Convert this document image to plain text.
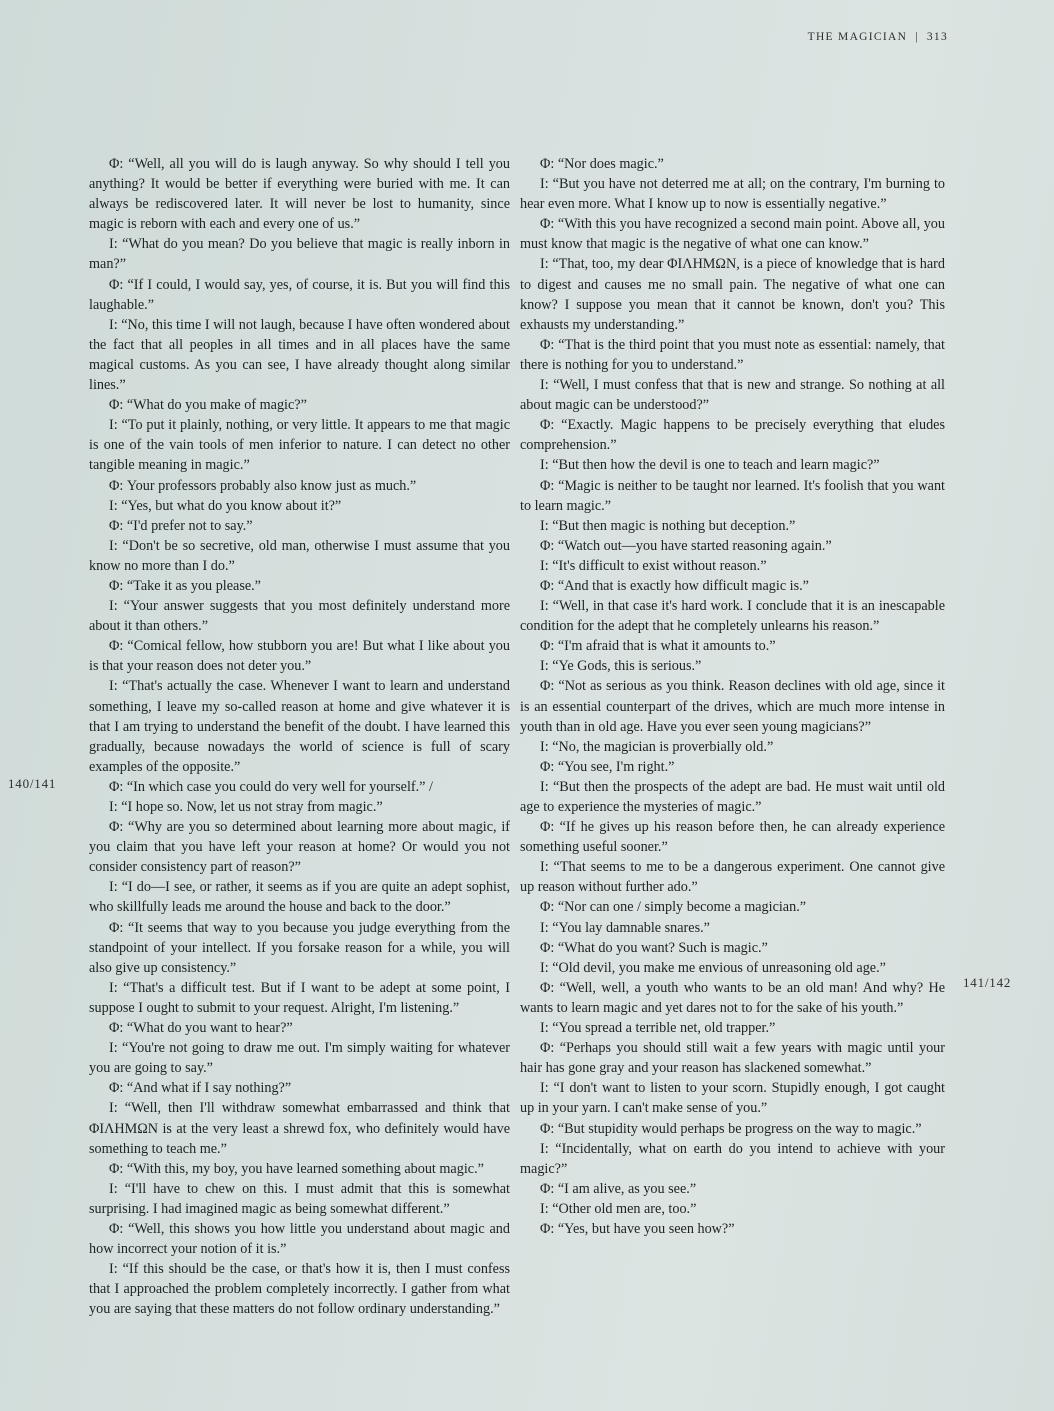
THE MAGICIAN | 313
140/141
141/142

Φ: “Well, all you will do is laugh anyway. So why should I tell you anything? It would be better if everything were buried with me. It can always be rediscovered later. It will never be lost to humanity, since magic is reborn with each and every one of us.”

I: “What do you mean? Do you believe that magic is really inborn in man?”

Φ: “If I could, I would say, yes, of course, it is. But you will find this laughable.”

I: “No, this time I will not laugh, because I have often wondered about the fact that all peoples in all times and in all places have the same magical customs. As you can see, I have already thought along similar lines.”

Φ: “What do you make of magic?”

I: “To put it plainly, nothing, or very little. It appears to me that magic is one of the vain tools of men inferior to nature. I can detect no other tangible meaning in magic.”

Φ: Your professors probably also know just as much.”

I: “Yes, but what do you know about it?”

Φ: “I'd prefer not to say.”

I: “Don't be so secretive, old man, otherwise I must assume that you know no more than I do.”

Φ: “Take it as you please.”

I: “Your answer suggests that you most definitely understand more about it than others.”

Φ: “Comical fellow, how stubborn you are! But what I like about you is that your reason does not deter you.”

I: “That's actually the case. Whenever I want to learn and understand something, I leave my so-called reason at home and give whatever it is that I am trying to understand the benefit of the doubt. I have learned this gradually, because nowadays the world of science is full of scary examples of the opposite.”

Φ: “In which case you could do very well for yourself.” /

I: “I hope so. Now, let us not stray from magic.”

Φ: “Why are you so determined about learning more about magic, if you claim that you have left your reason at home? Or would you not consider consistency part of reason?”

I: “I do—I see, or rather, it seems as if you are quite an adept sophist, who skillfully leads me around the house and back to the door.”

Φ: “It seems that way to you because you judge everything from the standpoint of your intellect. If you forsake reason for a while, you will also give up consistency.”

I: “That's a difficult test. But if I want to be adept at some point, I suppose I ought to submit to your request. Alright, I'm listening.”

Φ: “What do you want to hear?”

I: “You're not going to draw me out. I'm simply waiting for whatever you are going to say.”

Φ: “And what if I say nothing?”

I: “Well, then I'll withdraw somewhat embarrassed and think that ΦΙΛΗΜΩΝ is at the very least a shrewd fox, who definitely would have something to teach me.”

Φ: “With this, my boy, you have learned something about magic.”

I: “I'll have to chew on this. I must admit that this is somewhat surprising. I had imagined magic as being somewhat different.”

Φ: “Well, this shows you how little you understand about magic and how incorrect your notion of it is.”

I: “If this should be the case, or that's how it is, then I must confess that I approached the problem completely incorrectly. I gather from what you are saying that these matters do not follow ordinary understanding.”

Φ: “Nor does magic.”

I: “But you have not deterred me at all; on the contrary, I'm burning to hear even more. What I know up to now is essentially negative.”

Φ: “With this you have recognized a second main point. Above all, you must know that magic is the negative of what one can know.”

I: “That, too, my dear ΦΙΛΗΜΩΝ, is a piece of knowledge that is hard to digest and causes me no small pain. The negative of what one can know? I suppose you mean that it cannot be known, don't you? This exhausts my understanding.”

Φ: “That is the third point that you must note as essential: namely, that there is nothing for you to understand.”

I: “Well, I must confess that that is new and strange. So nothing at all about magic can be understood?”

Φ: “Exactly. Magic happens to be precisely everything that eludes comprehension.”

I: “But then how the devil is one to teach and learn magic?”

Φ: “Magic is neither to be taught nor learned. It's foolish that you want to learn magic.”

I: “But then magic is nothing but deception.”

Φ: “Watch out—you have started reasoning again.”

I: “It's difficult to exist without reason.”

Φ: “And that is exactly how difficult magic is.”

I: “Well, in that case it's hard work. I conclude that it is an inescapable condition for the adept that he completely unlearns his reason.”

Φ: “I'm afraid that is what it amounts to.”

I: “Ye Gods, this is serious.”

Φ: “Not as serious as you think. Reason declines with old age, since it is an essential counterpart of the drives, which are much more intense in youth than in old age. Have you ever seen young magicians?”

I: “No, the magician is proverbially old.”

Φ: “You see, I'm right.”

I: “But then the prospects of the adept are bad. He must wait until old age to experience the mysteries of magic.”

Φ: “If he gives up his reason before then, he can already experience something useful sooner.”

I: “That seems to me to be a dangerous experiment. One cannot give up reason without further ado.”

Φ: “Nor can one / simply become a magician.”

I: “You lay damnable snares.”

Φ: “What do you want? Such is magic.”

I: “Old devil, you make me envious of unreasoning old age.”

Φ: “Well, well, a youth who wants to be an old man! And why? He wants to learn magic and yet dares not to for the sake of his youth.”

I: “You spread a terrible net, old trapper.”

Φ: “Perhaps you should still wait a few years with magic until your hair has gone gray and your reason has slackened somewhat.”

I: “I don't want to listen to your scorn. Stupidly enough, I got caught up in your yarn. I can't make sense of you.”

Φ: “But stupidity would perhaps be progress on the way to magic.”

I: “Incidentally, what on earth do you intend to achieve with your magic?”

Φ: “I am alive, as you see.”

I: “Other old men are, too.”

Φ: “Yes, but have you seen how?”
